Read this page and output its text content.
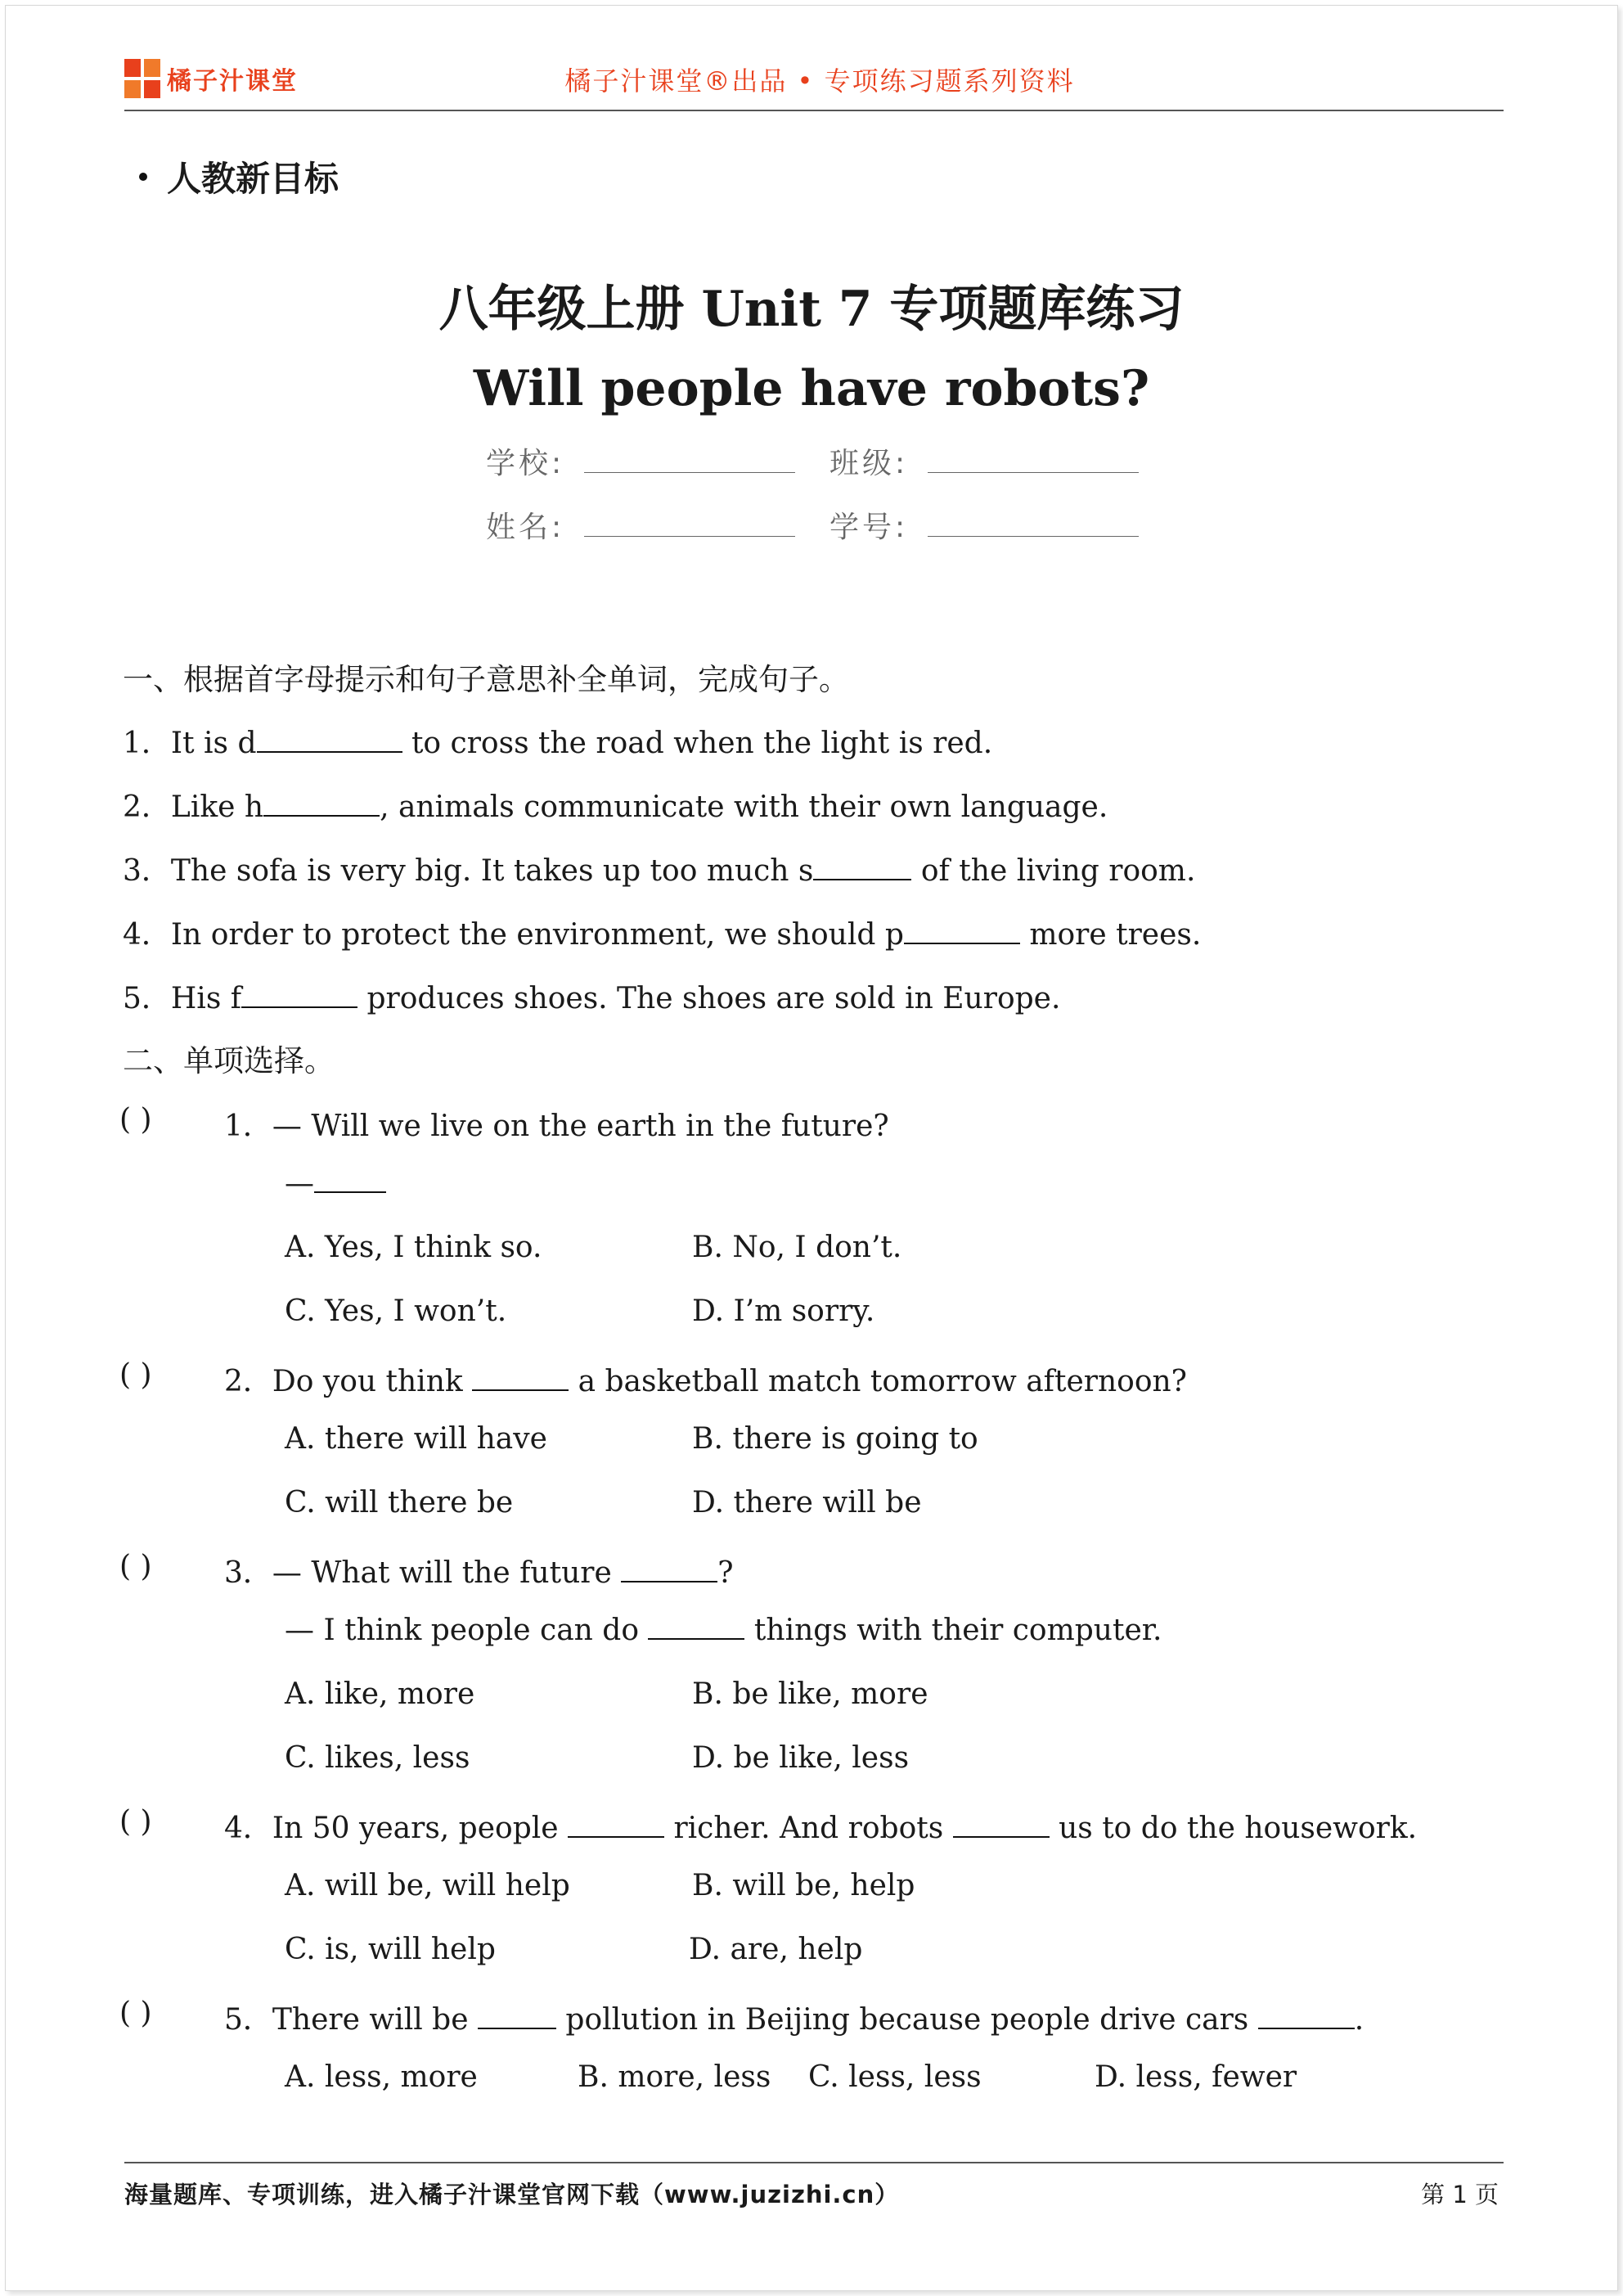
橘子汁课堂	橘子汁课堂®出品 • 专项练习题系列资料
人教新目标
八年级上册 Unit 7 专项题库练习
Will people have robots?
学校:	班级:
姓名:	学号:
一、根据首字母提示和句子意思补全单词，完成句子。
1．It is d	to cross the road when the light is red.
2．Like h	, animals communicate with their own language.
3．The sofa is very big. It takes up too much s	of the living room.
4．In order to protect the environment, we should p	more trees.
5．His f	produces shoes. The shoes are sold in Europe.
二、单项选择。
( ) 1．— Will we live on the earth in the future?
—
A. Yes, I think so.	B. No, I don’t.
C. Yes, I won’t.	D. I’m sorry.
( ) 2．Do you think	a basketball match tomorrow afternoon?
A. there will have	B. there is going to
C. will there be	D. there will be
( ) 3．— What will the future	?
— I think people can do	things with their computer.
A. like, more	B. be like, more
C. likes, less	D. be like, less
( ) 4．In 50 years, people	richer. And robots	us to do the housework.
A. will be, will help	B. will be, help
C. is, will help	D. are, help
( ) 5．There will be	pollution in Beijing because people drive cars	.
A. less, more	B. more, less C. less, less	D. less, fewer
海量题库、专项训练，进入橘子汁课堂官网下载（www.juzizhi.cn）	第 1 页
